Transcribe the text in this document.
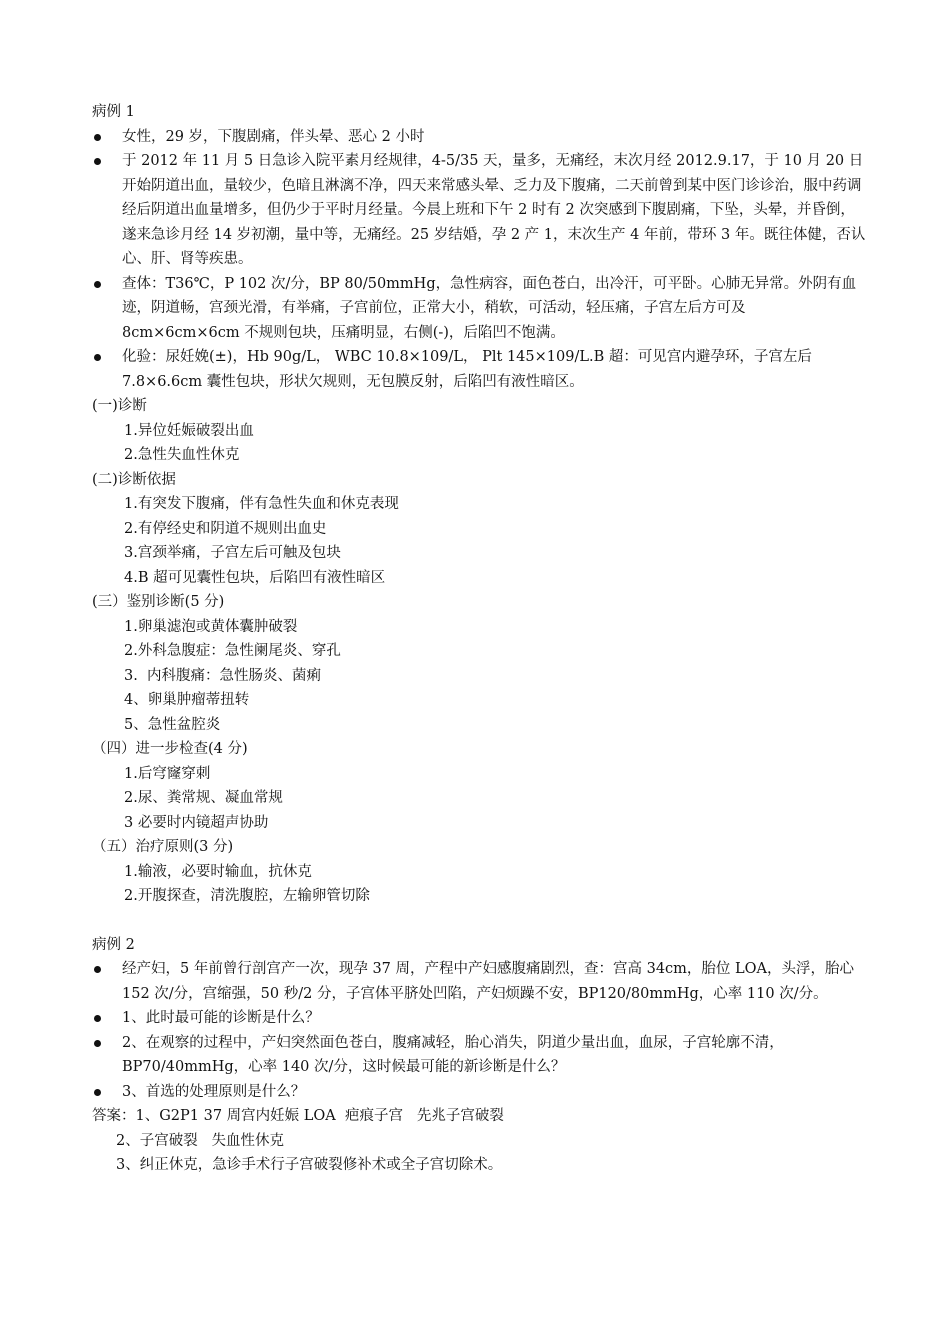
病例 1
女性，29 岁，下腹剧痛，伴头晕、恶心 2 小时
于 2012 年 11 月 5 日急诊入院平素月经规律，4-5/35 天，量多，无痛经，末次月经 2012.9.17，于 10 月 20 日开始阴道出血，量较少，色暗且淋漓不净，四天来常感头晕、乏力及下腹痛，二天前曾到某中医门诊诊治，服中药调经后阴道出血量增多，但仍少于平时月经量。今晨上班和下午 2 时有 2 次突感到下腹剧痛，下坠，头晕，并昏倒，遂来急诊月经 14 岁初潮，量中等，无痛经。25 岁结婚，孕 2 产 1，末次生产 4 年前，带环 3 年。既往体健，否认心、肝、肾等疾患。
查体：T36℃，P 102 次/分，BP 80/50mmHg，急性病容，面色苍白，出冷汗，可平卧。心肺无异常。外阴有血迹，阴道畅，宫颈光滑，有举痛，子宫前位，正常大小，稍软，可活动，轻压痛，子宫左后方可及 8cm×6cm×6cm 不规则包块，压痛明显，右侧(-)，后陷凹不饱满。
化验：尿妊娩(±)，Hb 90g/L， WBC 10.8×109/L， Plt 145×109/L.B 超：可见宫内避孕环，子宫左后 7.8×6.6cm 囊性包块，形状欠规则，无包膜反射，后陷凹有液性暗区。
(一)诊断
1.异位妊娠破裂出血
2.急性失血性休克
(二)诊断依据
1.有突发下腹痛，伴有急性失血和休克表现
2.有停经史和阴道不规则出血史
3.宫颈举痛，子宫左后可触及包块
4.B 超可见囊性包块，后陷凹有液性暗区
(三）鉴别诊断(5 分)
1.卵巢滤泡或黄体囊肿破裂
2.外科急腹症：急性阑尾炎、穿孔
3.  内科腹痛：急性肠炎、菌痢
4、卵巢肿瘤蒂扭转
5、急性盆腔炎
（四）进一步检查(4 分)
1.后穹窿穿刺
2.尿、粪常规、凝血常规
3 必要时内镜超声协助
（五）治疗原则(3 分)
1.输液，必要时输血，抗休克
2.开腹探查，清洗腹腔，左输卵管切除
病例 2
经产妇，5 年前曾行剖宫产一次，现孕 37 周，产程中产妇感腹痛剧烈，查：宫高 34cm，胎位 LOA，头浮，胎心 152 次/分，宫缩强，50 秒/2 分，子宫体平脐处凹陷，产妇烦躁不安，BP120/80mmHg，心率 110 次/分。
1、此时最可能的诊断是什么？
2、在观察的过程中，产妇突然面色苍白，腹痛减轻，胎心消失，阴道少量出血，血尿，子宫轮廓不清，BP70/40mmHg，心率 140 次/分，这时候最可能的新诊断是什么？
3、首选的处理原则是什么？
答案：1、G2P1 37 周宫内妊娠 LOA  疤痕子宫   先兆子宫破裂
2、子宫破裂   失血性休克
3、纠正休克，急诊手术行子宫破裂修补术或全子宫切除术。
